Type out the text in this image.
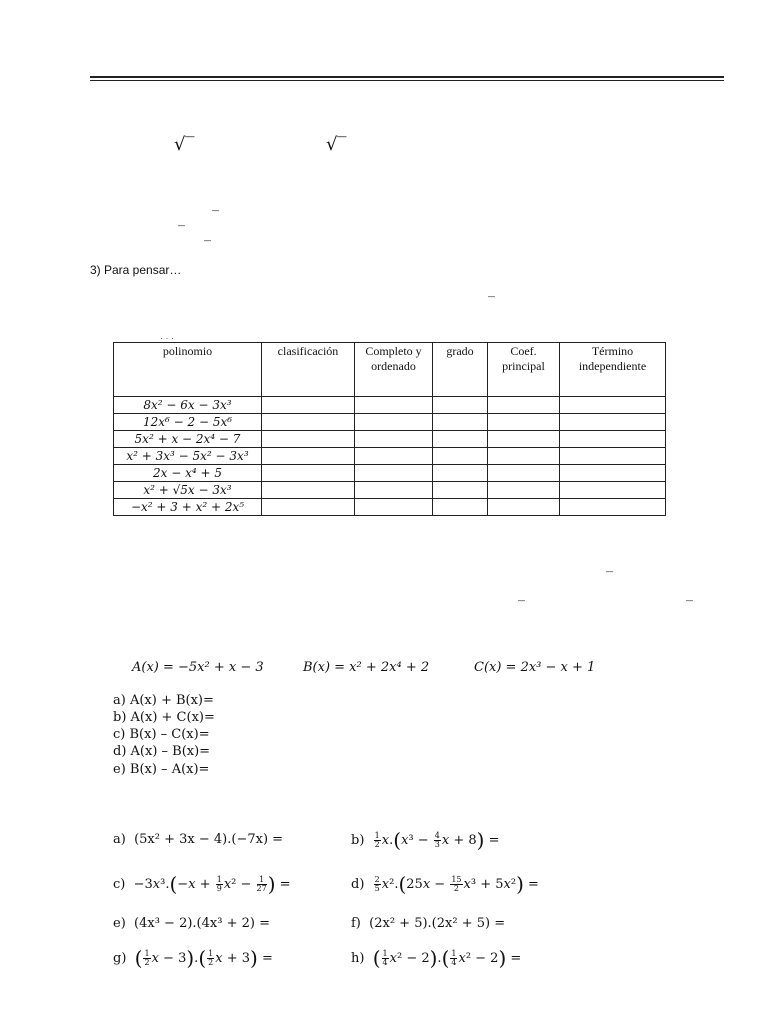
√‾	√‾
_
_
_
_
3) Para pensar…
· · ·
polinomio	clasificación	Completo y ordenado	grado	Coef. principal	Término independiente
8x² − 6x − 3x³					
12x⁶ − 2 − 5x⁶					
5x² + x − 2x⁴ − 7					
x² + 3x³ − 5x² − 3x³					
2x − x⁴ + 5					
x² + √5x − 3x³					
−x² + 3 + x² + 2x⁵					
_
_	_
A(x) = −5x² + x − 3	B(x) = x² + 2x⁴ + 2	C(x) = 2x³ − x + 1
a) A(x) + B(x)=
b) A(x) + C(x)=
c) B(x) – C(x)=
d) A(x) – B(x)=
e) B(x) – A(x)=
a) (5x² + 3x − 4).(−7x) =	$b) \frac{1}{2} x.(x^3 - \frac{4}{3}$ x + 8) =
$c) -3x^3.(-x + \frac{1}{9} x^2 - \frac{1}{27}$ ) =	$d) \frac{2}{5} x^2.(25x - \frac{15}{2} x^3 + 5x^2)$ =
e) (4x³ − 2).(4x³ + 2) =	f) (2x² + 5).(2x² + 5) =
g) ( $\frac{1}{2}$ $x - 3).( \frac{1}{2}$ x + 3) =	h) ( $\frac{1}{4} x^2 - 2).( \frac{1}{4} x^2 - 2)$ =
